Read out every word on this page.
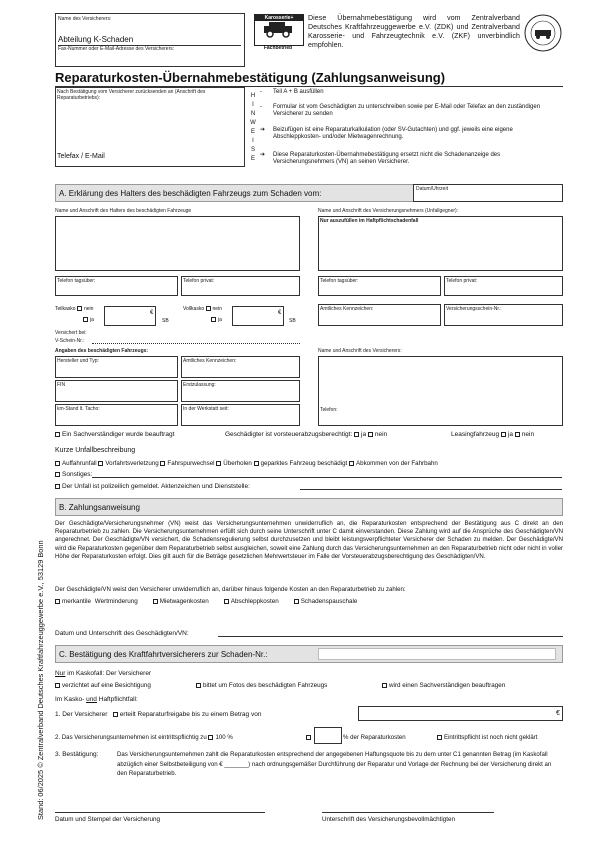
Name des Versicherers:
Abteilung K-Schaden
Fax-Nummer oder E-Mail-Adresse des Versicherers:
Karosserie+
Fachbetrieb
Diese Übernahmebestätigung wird vom Zentralverband Deutsches Kraftfahrzeuggewerbe e.V. (ZDK) und Zentralverband Karosserie- und Fahrzeugtechnik e.V. (ZKF) unverbindlich empfohlen.
Reparaturkosten-Übernahmebestätigung (Zahlungsanweisung)
Nach Bestätigung vom Versicherer zurücksenden an (Anschrift des Reparaturbetriebs):
Telefax / E-Mail
H
I
N
W
E
I
S
E
- Teil A + B ausfüllen
- Formular ist vom Geschädigten zu unterschreiben sowie per E-Mail oder Telefax an den zuständigen Versicherer zu senden
➔ Beizufügen ist eine Reparaturkalkulation (oder SV-Gutachten) und ggf. jeweils eine eigene Abschleppkosten- und/oder Mietwagenrechnung.
➔ Diese Reparaturkosten-Übernahmebestätigung ersetzt nicht die Schadenanzeige des Versicherungsnehmers (VN) an seinen Versicherer.
A. Erklärung des Halters des beschädigten Fahrzeugs zum Schaden vom:	Datum/Uhrzeit
Name und Anschrift des Halters des beschädigten Fahrzeuge	Name und Anschrift des Versicherungsnehmers (Unfallgegner):
Nur auszufüllen im Haftpflichtschadenfall
Telefon tagsüber:	Telefon privat:	Telefon tagsüber:	Telefon privat:
Teilkasko nein
ja
€
SB
Vollkasko nein
ja
€
SB
Amtliches Kennzeichen:	Versicherungsschein-Nr.:
Versichert bei:
V-Schein-Nr.:
Angaben des beschädigten Fahrzeugs:	Name und Anschrift des Versicherers:
Hersteller und Typ:	Amtliches Kennzeichen:
FIN	Erstzulassung:
km-Stand lt. Tacho:	In der Werkstatt seit:	Telefon:
Ein Sachverständiger wurde beauftragt	Geschädigter ist vorsteuerabzugsberechtigt: ja nein	Leasingfahrzeug ja nein
Kurze Unfallbeschreibung
Auffahrunfall Vorfahrtsverletzung Fahrspurwechsel Überholen geparktes Fahrzeug beschädigt Abkommen von der Fahrbahn
Sonstiges:
Der Unfall ist polizeilich gemeldet. Aktenzeichen und Dienststelle:
B. Zahlungsanweisung
Der Geschädigte/Versicherungsnehmer (VN) weist das Versicherungsunternehmen unwiderruflich an, die Reparaturkosten entsprechend der Bestätigung aus C direkt an den Reparaturbetrieb zu zahlen. Die Versicherungsunternehmen erfüllt sich durch seine Unterschrift unter C damit einverstanden. Diese Zahlung wird auf die Ansprüche des Geschädigten/VN angerechnet. Der Geschädigte/VN versichert, die Schadensregulierung selbst durchzusetzen und bleibt leistungsverpflichteter Versicherer der Schaden zu melden. Der Geschädigte/VN wird die Reparaturkosten gegenüber dem Reparaturbetrieb selbst ausgleichen, soweit eine Zahlung durch das Versicherungsunternehmen an den Reparaturbetrieb nicht oder nicht in voller Höhe der Reparaturkosten erfolgt. Dies gilt auch für die Beträge gesetzlichen Mehrwertsteuer im Falle der Vorsteuerabzugsberechtigung des Geschädigten/VN.
Der Geschädigte/VN weist den Versicherer unwiderruflich an, darüber hinaus folgende Kosten an den Reparaturbetrieb zu zahlen:
merkantile Wertminderung	Mietwagenkosten	Abschleppkosten	Schadenspauschale
Datum und Unterschrift des Geschädigten/VN:
C. Bestätigung des Kraftfahrtversicherers zur Schaden-Nr.:
Nur im Kaskofall: Der Versicherer
verzichtet auf eine Besichtigung	bittet um Fotos des beschädigten Fahrzeugs	wird einen Sachverständigen beauftragen
Im Kasko- und Haftpflichtfall:
1. Der Versicherer erteilt Reparaturfreigabe bis zu einem Betrag von	€
2. Das Versicherungsunternehmen ist eintrittspflichtig zu 100 %	% der Reparaturkosten	Eintrittspflicht ist noch nicht geklärt
3. Bestätigung:	Das Versicherungsunternehmen zahlt die Reparaturkosten entsprechend der angegebenen Haftungsquote bis zu dem unter C1 genannten Betrag (im Kaskofall abzüglich einer Selbstbeteiligung von € _______) nach ordnungsgemäßer Durchführung der Reparatur und Vorlage der Rechnung bei der Versicherung direkt an den Reparaturbetrieb.
Datum und Stempel der Versicherung	Unterschrift des Versicherungsbevollmächtigten
Stand: 06/2025 © Zentralverband Deutsches Kraftfahrzeuggewerbe e.V., 53129 Bonn
